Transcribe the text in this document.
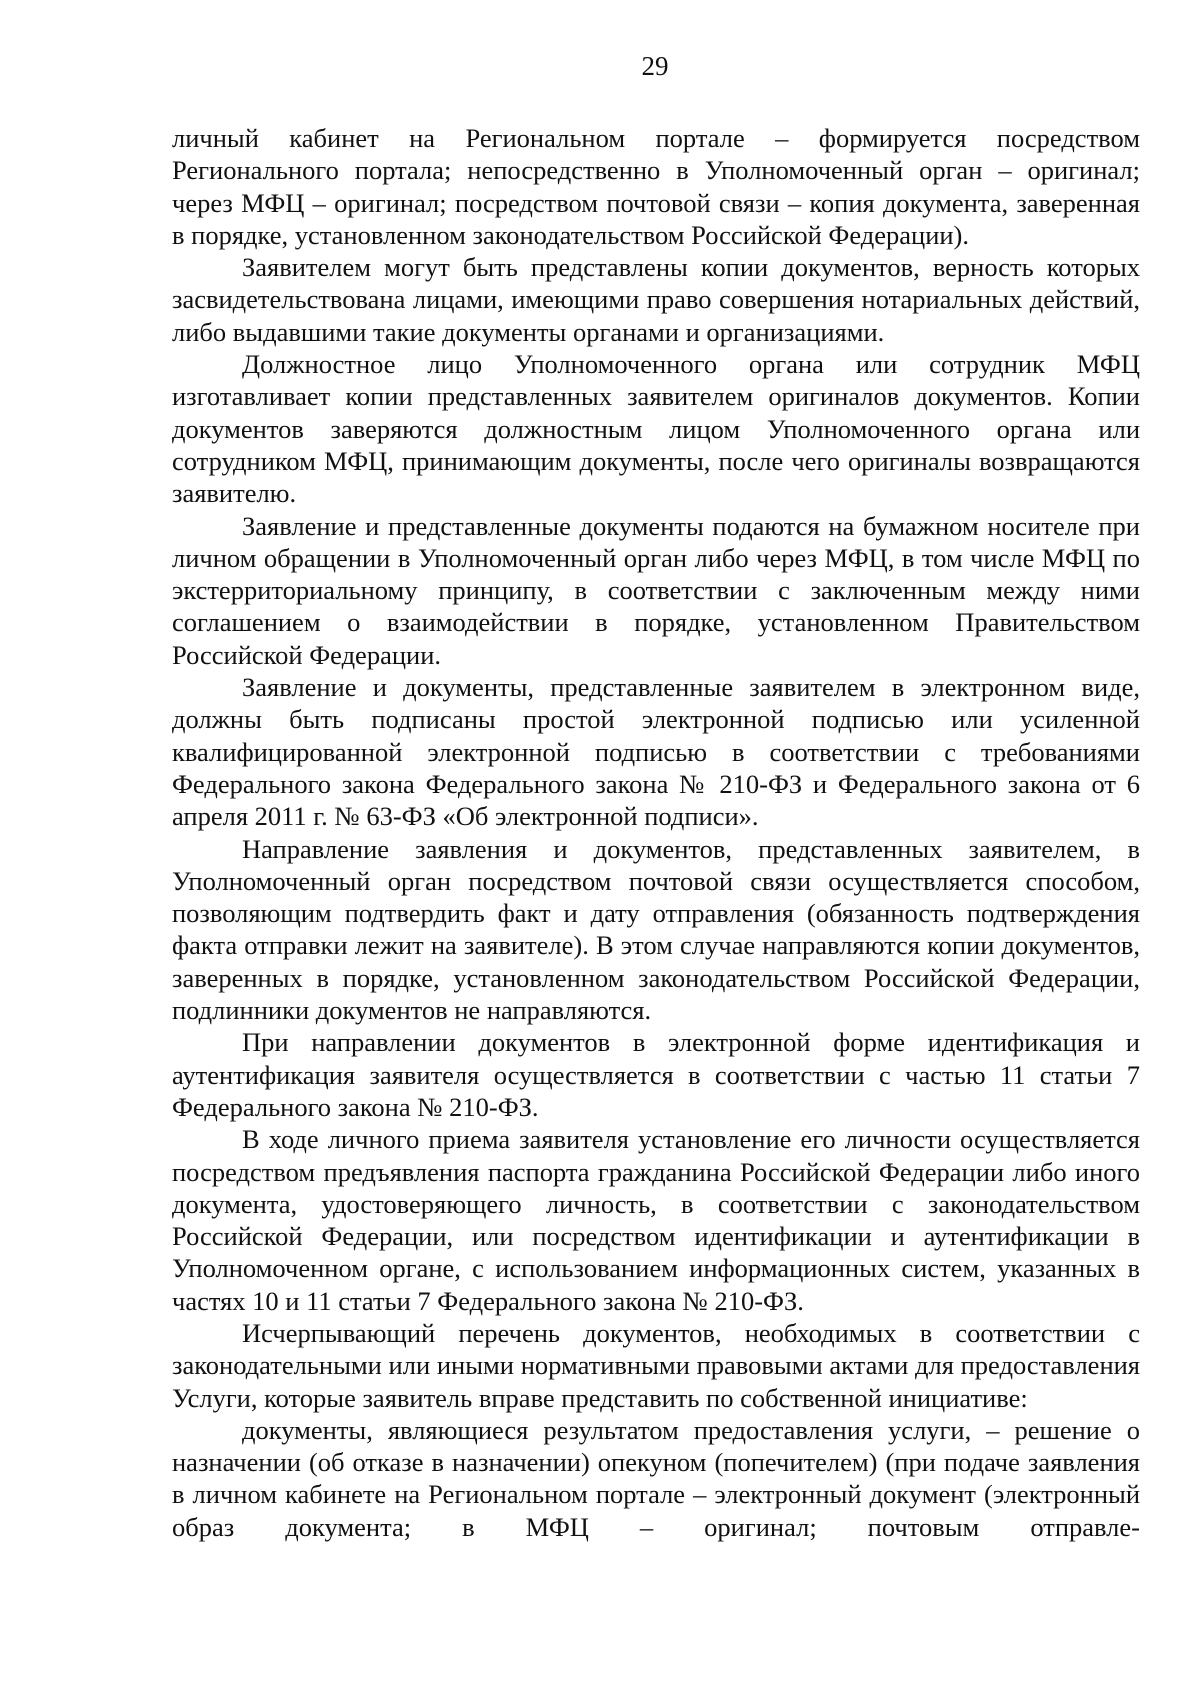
29

личный кабинет на Региональном портале – формируется посредством Регионального портала; непосредственно в Уполномоченный орган – оригинал; через МФЦ – оригинал; посредством почтовой связи – копия документа, заверенная в порядке, установленном законодательством Российской Федерации).

Заявителем могут быть представлены копии документов, верность которых засвидетельствована лицами, имеющими право совершения нотариальных действий, либо выдавшими такие документы органами и организациями.

Должностное лицо Уполномоченного органа или сотрудник МФЦ изготавливает копии представленных заявителем оригиналов документов. Копии документов заверяются должностным лицом Уполномоченного органа или сотрудником МФЦ, принимающим документы, после чего оригиналы возвращаются заявителю.

Заявление и представленные документы подаются на бумажном носителе при личном обращении в Уполномоченный орган либо через МФЦ, в том числе МФЦ по экстерриториальному принципу, в соответствии с заключенным между ними соглашением о взаимодействии в порядке, установленном Правительством Российской Федерации.

Заявление и документы, представленные заявителем в электронном виде, должны быть подписаны простой электронной подписью или усиленной квалифицированной электронной подписью в соответствии с требованиями Федерального закона Федерального закона № 210-ФЗ и Федерального закона от 6 апреля 2011 г. № 63-ФЗ «Об электронной подписи».

Направление заявления и документов, представленных заявителем, в Уполномоченный орган посредством почтовой связи осуществляется способом, позволяющим подтвердить факт и дату отправления (обязанность подтверждения факта отправки лежит на заявителе). В этом случае направляются копии документов, заверенных в порядке, установленном законодательством Российской Федерации, подлинники документов не направляются.

При направлении документов в электронной форме идентификация и аутентификация заявителя осуществляется в соответствии с частью 11 статьи 7 Федерального закона № 210-ФЗ.

В ходе личного приема заявителя установление его личности осуществляется посредством предъявления паспорта гражданина Российской Федерации либо иного документа, удостоверяющего личность, в соответствии с законодательством Российской Федерации, или посредством идентификации и аутентификации в Уполномоченном органе, с использованием информационных систем, указанных в частях 10 и 11 статьи 7 Федерального закона № 210-ФЗ.

Исчерпывающий перечень документов, необходимых в соответствии с законодательными или иными нормативными правовыми актами для предоставления Услуги, которые заявитель вправе представить по собственной инициативе:

документы, являющиеся результатом предоставления услуги, – решение о назначении (об отказе в назначении) опекуном (попечителем) (при подаче заявления в личном кабинете на Региональном портале – электронный документ (электронный образ документа; в МФЦ – оригинал; почтовым отправле-
